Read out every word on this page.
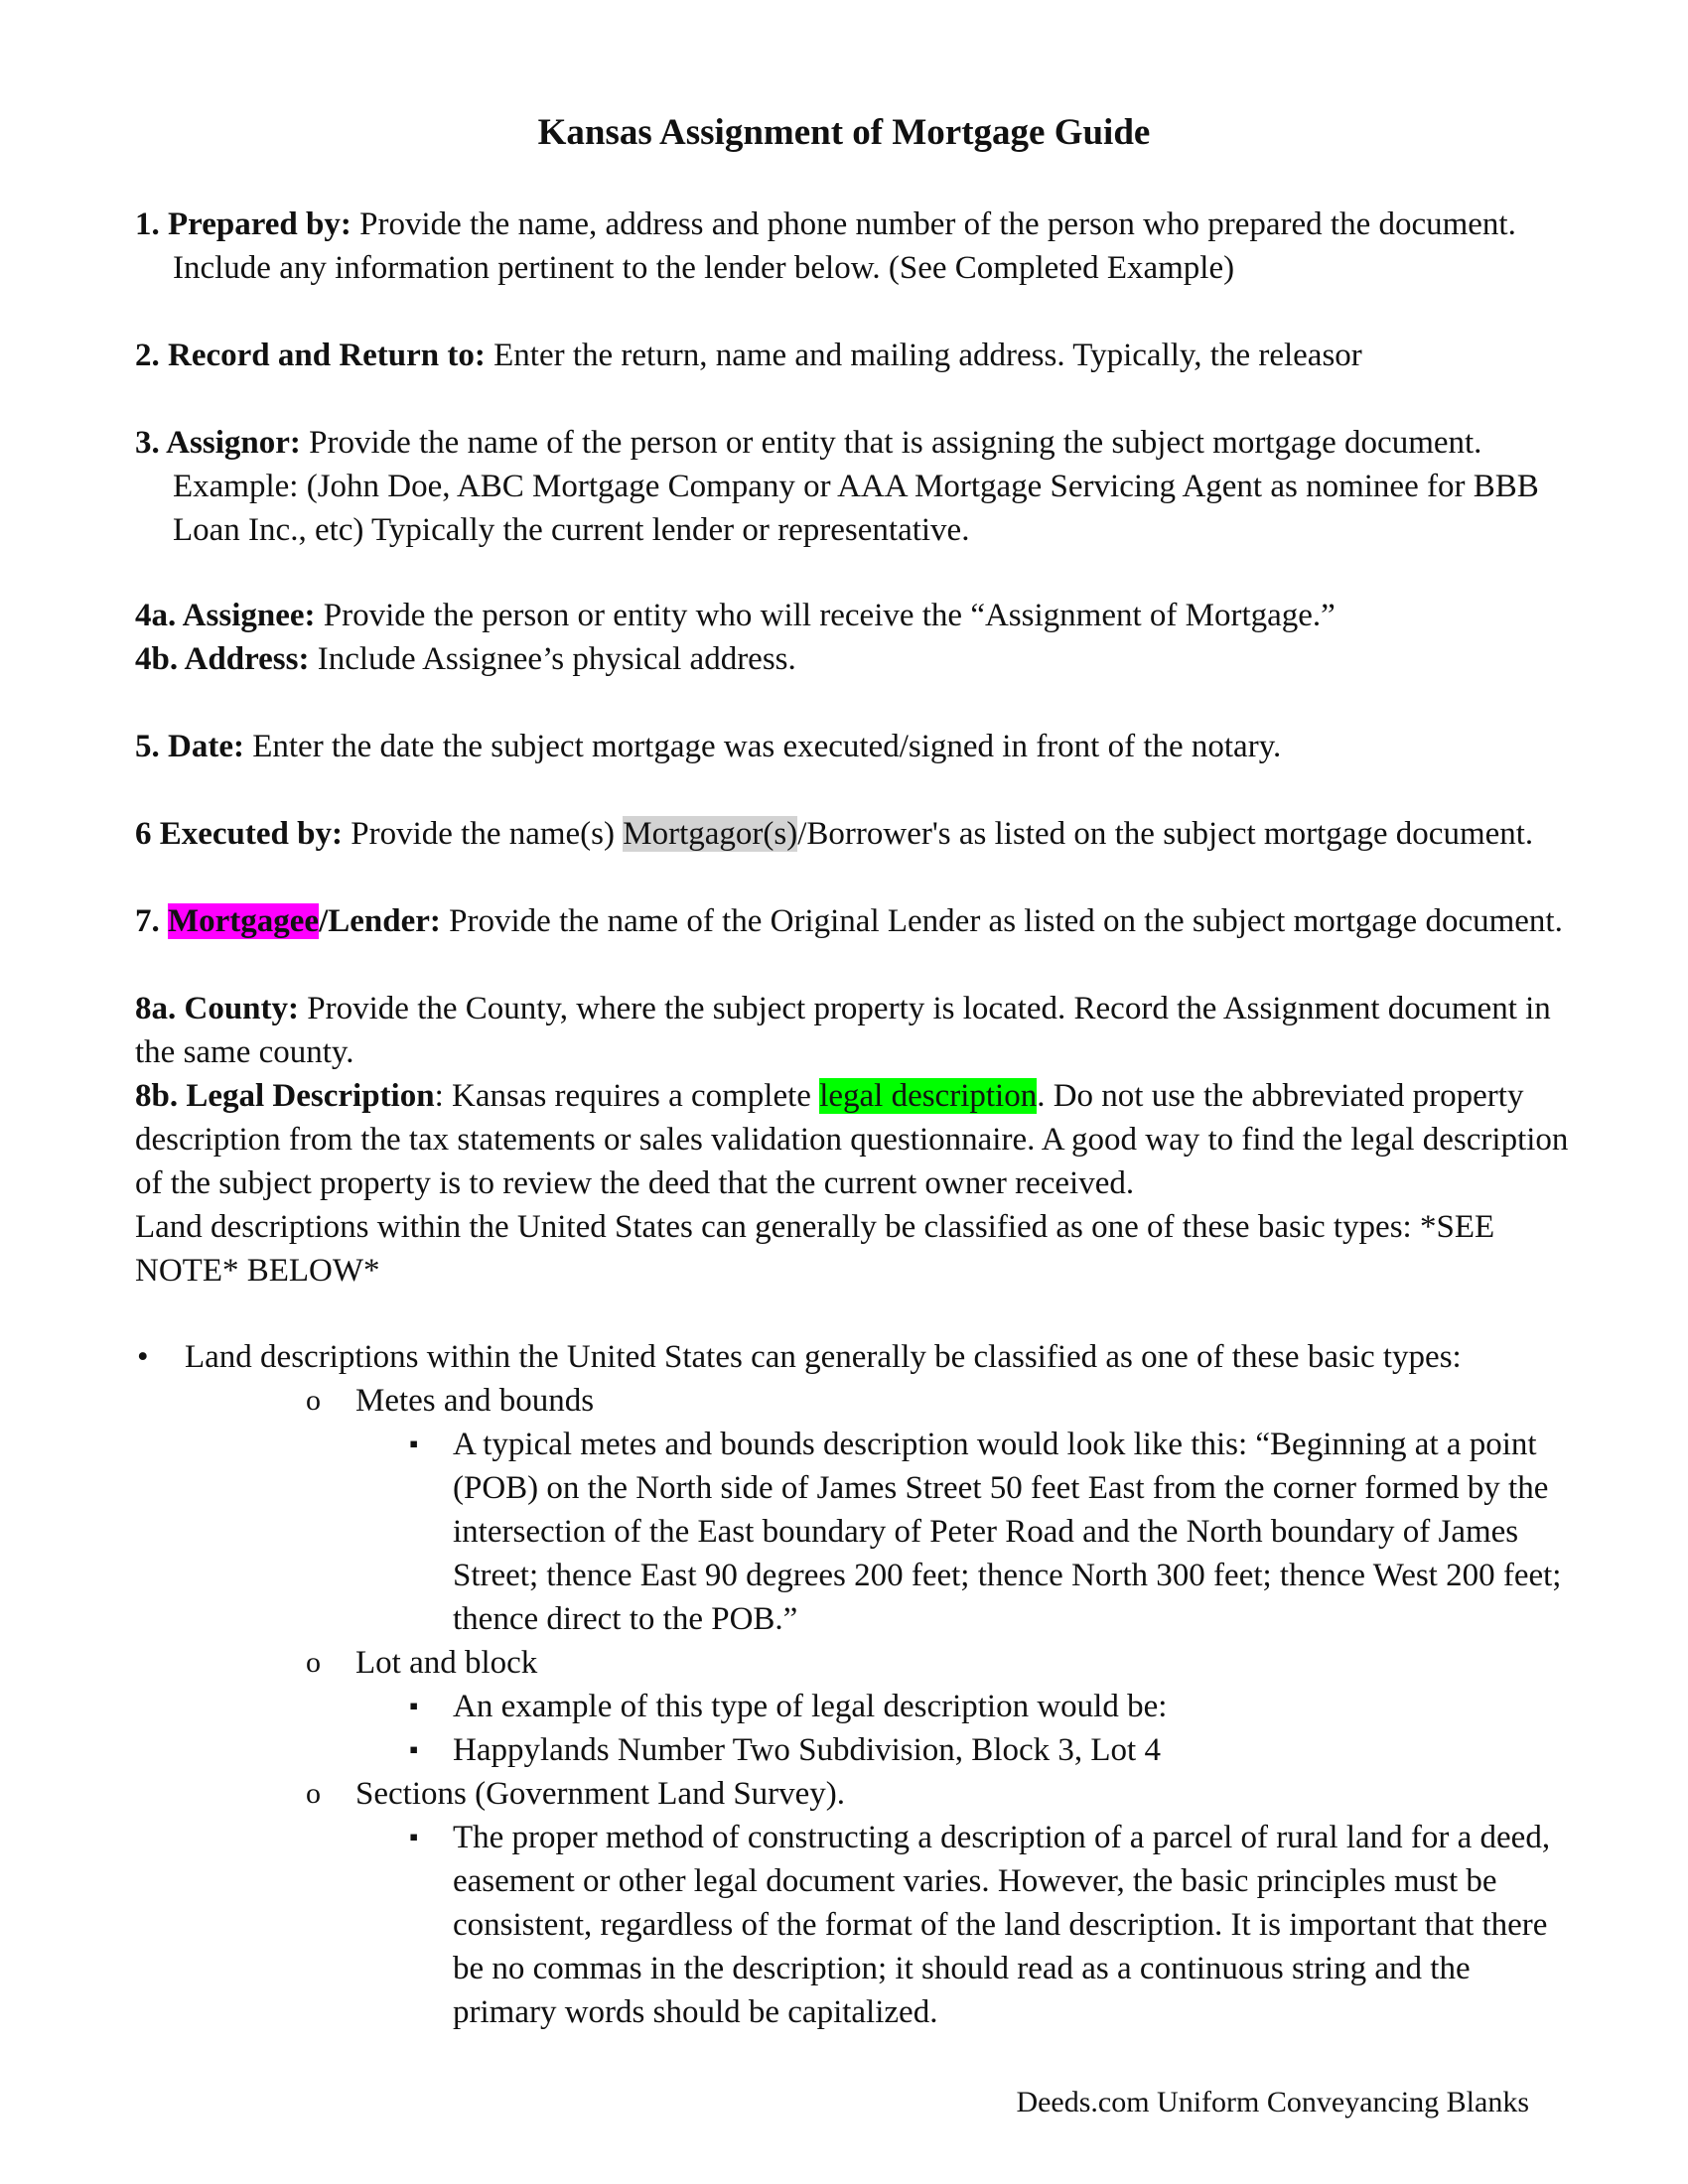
Kansas Assignment of Mortgage Guide
1. Prepared by: Provide the name, address and phone number of the person who prepared the document.
Include any information pertinent to the lender below. (See Completed Example)
2. Record and Return to: Enter the return, name and mailing address. Typically, the releasor
3. Assignor: Provide the name of the person or entity that is assigning the subject mortgage document.
Example: (John Doe, ABC Mortgage Company or AAA Mortgage Servicing Agent as nominee for BBB
Loan Inc., etc) Typically the current lender or representative.
4a. Assignee: Provide the person or entity who will receive the “Assignment of Mortgage.”
4b. Address: Include Assignee’s physical address.
5. Date: Enter the date the subject mortgage was executed/signed in front of the notary.
6 Executed by: Provide the name(s) Mortgagor(s)/Borrower's as listed on the subject mortgage document.
7. Mortgagee/Lender: Provide the name of the Original Lender as listed on the subject mortgage document.
8a. County: Provide the County, where the subject property is located. Record the Assignment document in
the same county.
8b. Legal Description: Kansas requires a complete legal description. Do not use the abbreviated property
description from the tax statements or sales validation questionnaire. A good way to find the legal description
of the subject property is to review the deed that the current owner received.
Land descriptions within the United States can generally be classified as one of these basic types: *SEE
NOTE* BELOW*
• Land descriptions within the United States can generally be classified as one of these basic types:
o Metes and bounds
▪ A typical metes and bounds description would look like this: “Beginning at a point
(POB) on the North side of James Street 50 feet East from the corner formed by the
intersection of the East boundary of Peter Road and the North boundary of James
Street; thence East 90 degrees 200 feet; thence North 300 feet; thence West 200 feet;
thence direct to the POB.”
o Lot and block
▪ An example of this type of legal description would be:
▪ Happylands Number Two Subdivision, Block 3, Lot 4
o Sections (Government Land Survey).
▪ The proper method of constructing a description of a parcel of rural land for a deed,
easement or other legal document varies. However, the basic principles must be
consistent, regardless of the format of the land description. It is important that there
be no commas in the description; it should read as a continuous string and the
primary words should be capitalized.
Deeds.com Uniform Conveyancing Blanks
